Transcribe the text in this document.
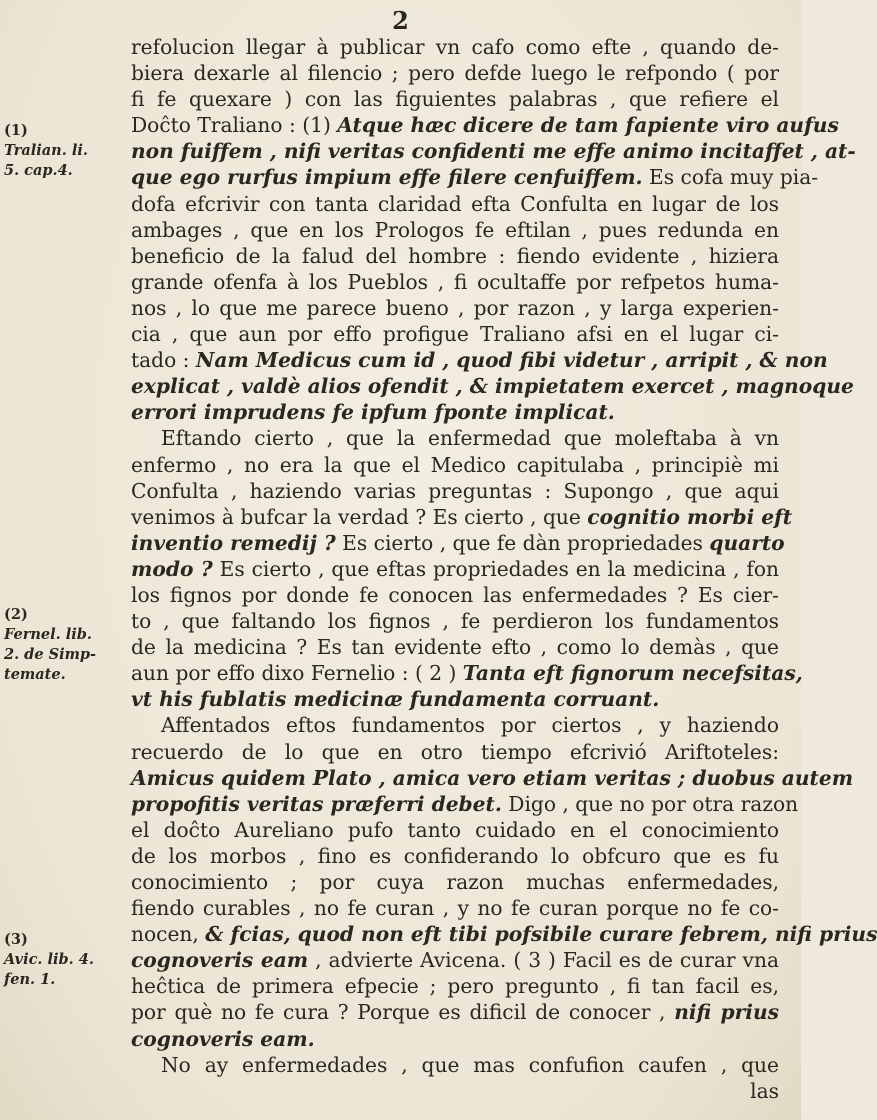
2
refolucion llegar à publicar vn cafo como efte , quando de-
biera dexarle al filencio ; pero defde luego le refpondo ( por
fi fe quexare ) con las figuientes palabras , que refiere el
Doĉto Traliano : (1) Atque hæc dicere de tam fapiente viro aufus
non fuiffem , nifi veritas confidenti me effe animo incitaffet , at-
que ego rurfus impium effe filere cenfuiffem. Es cofa muy pia-
dofa efcrivir con tanta claridad efta Confulta en lugar de los
ambages , que en los Prologos fe eftilan , pues redunda en
beneficio de la falud del hombre : fiendo evidente , hiziera
grande ofenfa à los Pueblos , fi ocultaffe por refpetos huma-
nos , lo que me parece bueno , por razon , y larga experien-
cia , que aun por effo profigue Traliano afsi en el lugar ci-
tado : Nam Medicus cum id , quod fibi videtur , arripit , & non
explicat , valdè alios ofendit , & impietatem exercet , magnoque
errori imprudens fe ipfum fponte implicat.
Eftando cierto , que la enfermedad que moleftaba à vn
enfermo , no era la que el Medico capitulaba , principiè mi
Confulta , haziendo varias preguntas : Supongo , que aqui
venimos à bufcar la verdad ? Es cierto , que cognitio morbi eft
inventio remedij ? Es cierto , que fe dàn propriedades quarto
modo ? Es cierto , que eftas propriedades en la medicina , fon
los fignos por donde fe conocen las enfermedades ? Es cier-
to , que faltando los fignos , fe perdieron los fundamentos
de la medicina ? Es tan evidente efto , como lo demàs , que
aun por effo dixo Fernelio : ( 2 ) Tanta eft fignorum necefsitas,
vt his fublatis medicinæ fundamenta corruant.
Affentados eftos fundamentos por ciertos , y haziendo
recuerdo de lo que en otro tiempo efcrivió Ariftoteles:
Amicus quidem Plato , amica vero etiam veritas ; duobus autem
propofitis veritas præferri debet. Digo , que no por otra razon
el doĉto Aureliano pufo tanto cuidado en el conocimiento
de los morbos , fino es confiderando lo obfcuro que es fu
conocimiento ; por cuya razon muchas enfermedades,
fiendo curables , no fe curan , y no fe curan porque no fe co-
nocen, & fcias, quod non eft tibi pofsibile curare febrem, nifi prius
cognoveris eam , advierte Avicena. ( 3 ) Facil es de curar vna
heĉtica de primera efpecie ; pero pregunto , fi tan facil es,
por què no fe cura ? Porque es dificil de conocer , nifi prius
cognoveris eam.
No ay enfermedades , que mas confufion caufen , que
las
(1)
Tralian. li.
5. cap.4.
(2)
Fernel. lib.
2. de Simp-
temate.
(3)
Avic. lib. 4.
fen. 1.
